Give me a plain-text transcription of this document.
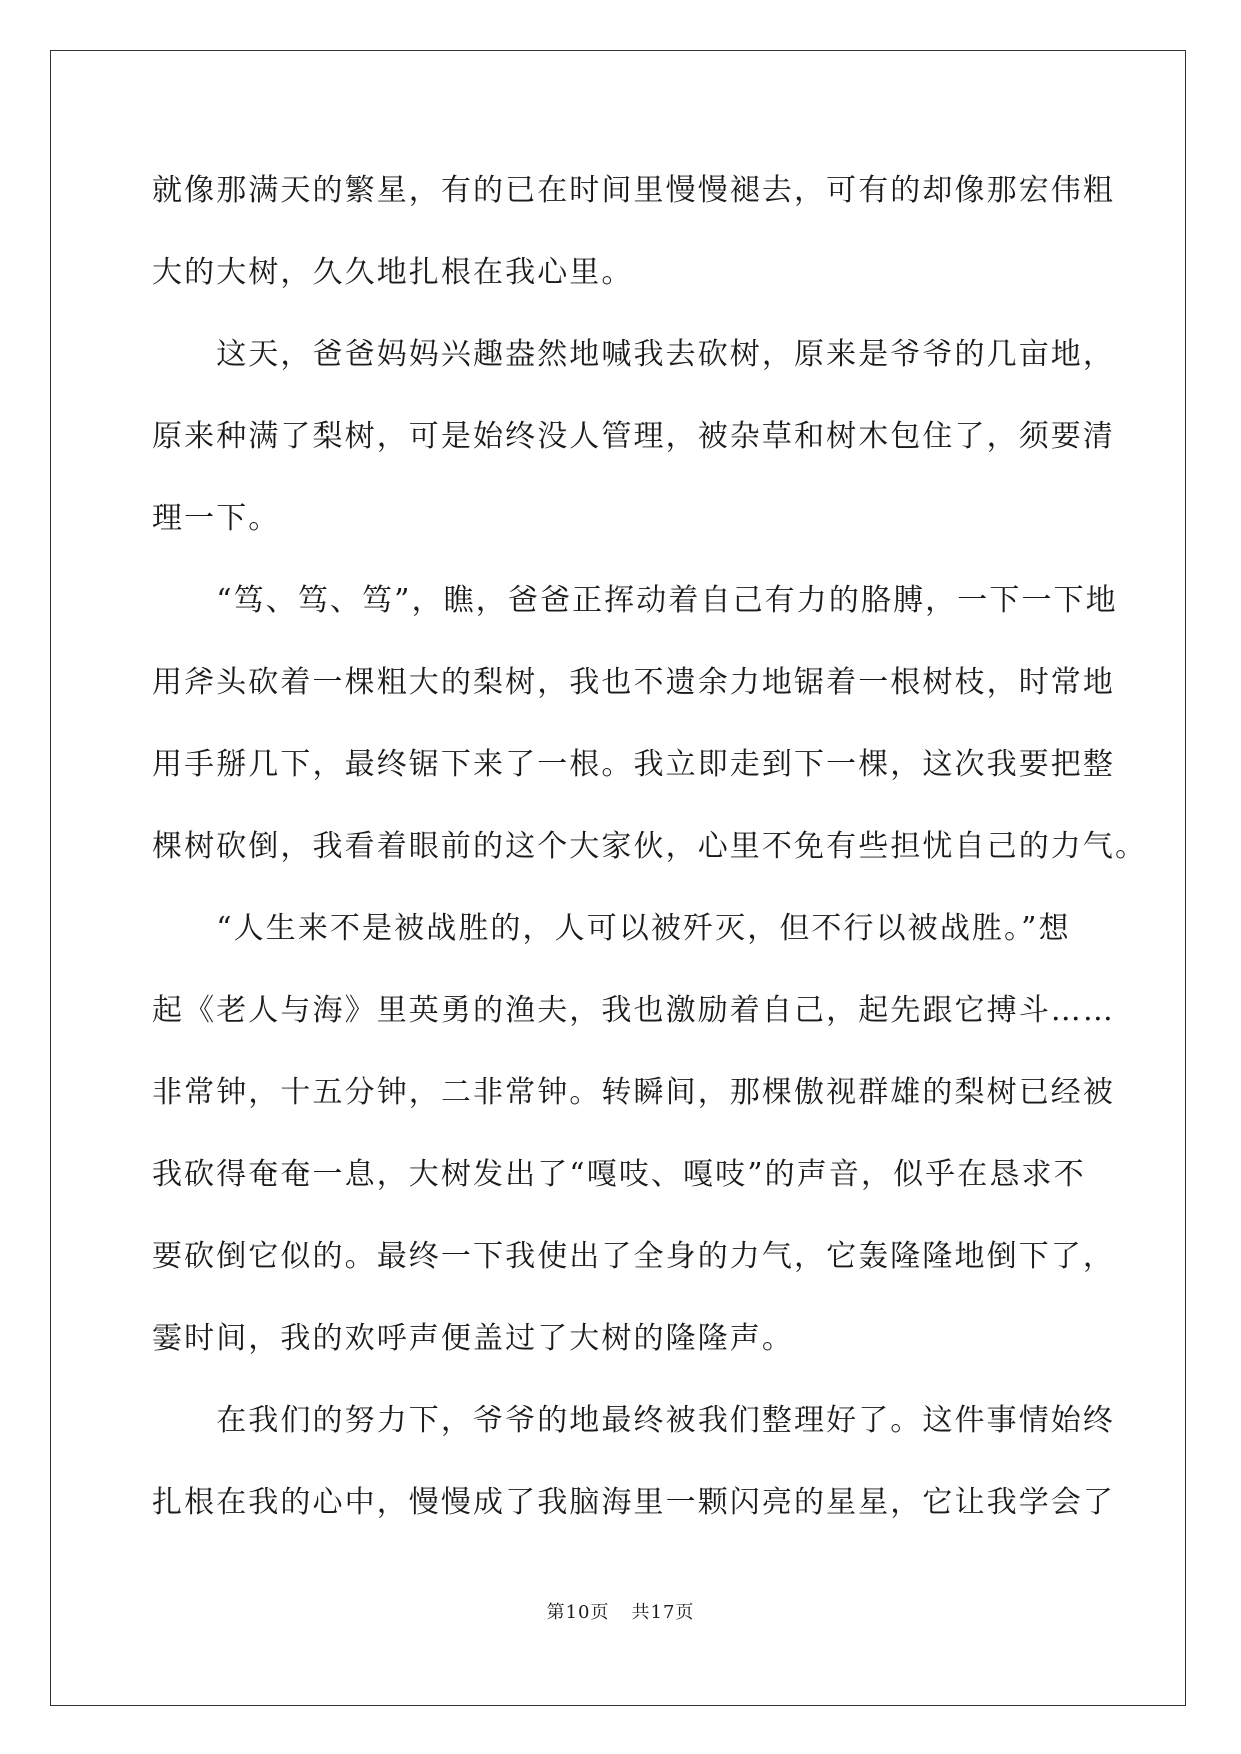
就像那满天的繁星，有的已在时间里慢慢褪去，可有的却像那宏伟粗
大的大树，久久地扎根在我心里。
　　这天，爸爸妈妈兴趣盎然地喊我去砍树，原来是爷爷的几亩地，
原来种满了梨树，可是始终没人管理，被杂草和树木包住了，须要清
理一下。
　　“笃、笃、笃”，瞧，爸爸正挥动着自己有力的胳膊，一下一下地
用斧头砍着一棵粗大的梨树，我也不遗余力地锯着一根树枝，时常地
用手掰几下，最终锯下来了一根。我立即走到下一棵，这次我要把整
棵树砍倒，我看着眼前的这个大家伙，心里不免有些担忧自己的力气。
　　“人生来不是被战胜的，人可以被歼灭，但不行以被战胜。”想
起《老人与海》里英勇的渔夫，我也激励着自己，起先跟它搏斗……
非常钟，十五分钟，二非常钟。转瞬间，那棵傲视群雄的梨树已经被
我砍得奄奄一息，大树发出了“嘎吱、嘎吱”的声音，似乎在恳求不
要砍倒它似的。最终一下我使出了全身的力气，它轰隆隆地倒下了，
霎时间，我的欢呼声便盖过了大树的隆隆声。
　　在我们的努力下，爷爷的地最终被我们整理好了。这件事情始终
扎根在我的心中，慢慢成了我脑海里一颗闪亮的星星，它让我学会了
第10页 共17页
